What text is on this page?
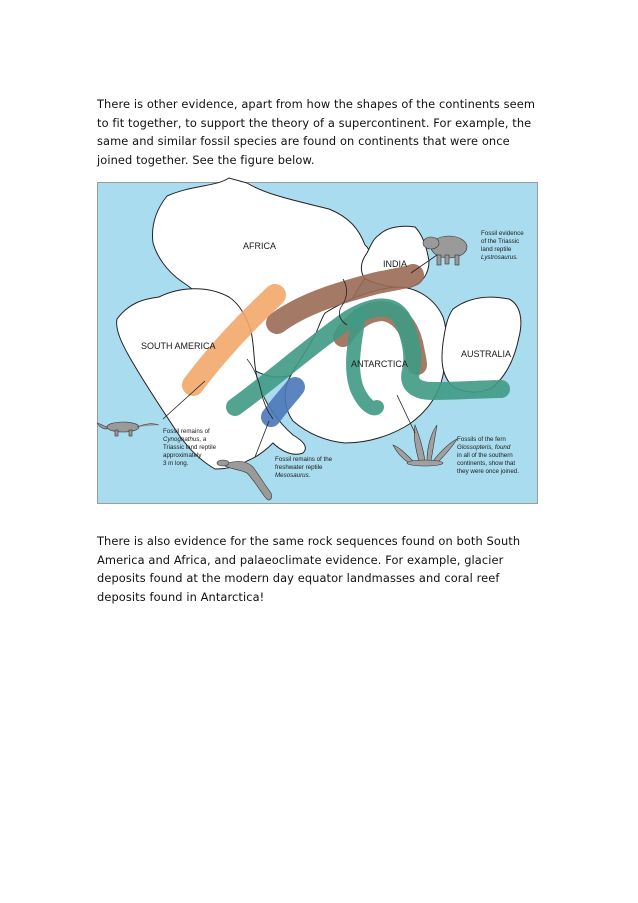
There is other evidence, apart from how the shapes of the continents seem to fit together, to support the theory of a supercontinent. For example, the same and similar fossil species are found on continents that were once joined together. See the figure below.

AFRICA
INDIA
SOUTH AMERICA
ANTARCTICA
AUSTRALIA
Fossil evidence
of the Triassic
land reptile
Lystrosaurus.
Fossil remains of
Cynognathus, a
Triassic land reptile
approximately
3 m long.
Fossil remains of the
freshwater reptile
Mesosaurus.
Fossils of the fern
Glossopteris, found
in all of the southern
continents, show that
they were once joined.

There is also evidence for the same rock sequences found on both South America and Africa, and palaeoclimate evidence. For example, glacier deposits found at the modern day equator landmasses and coral reef deposits found in Antarctica!
